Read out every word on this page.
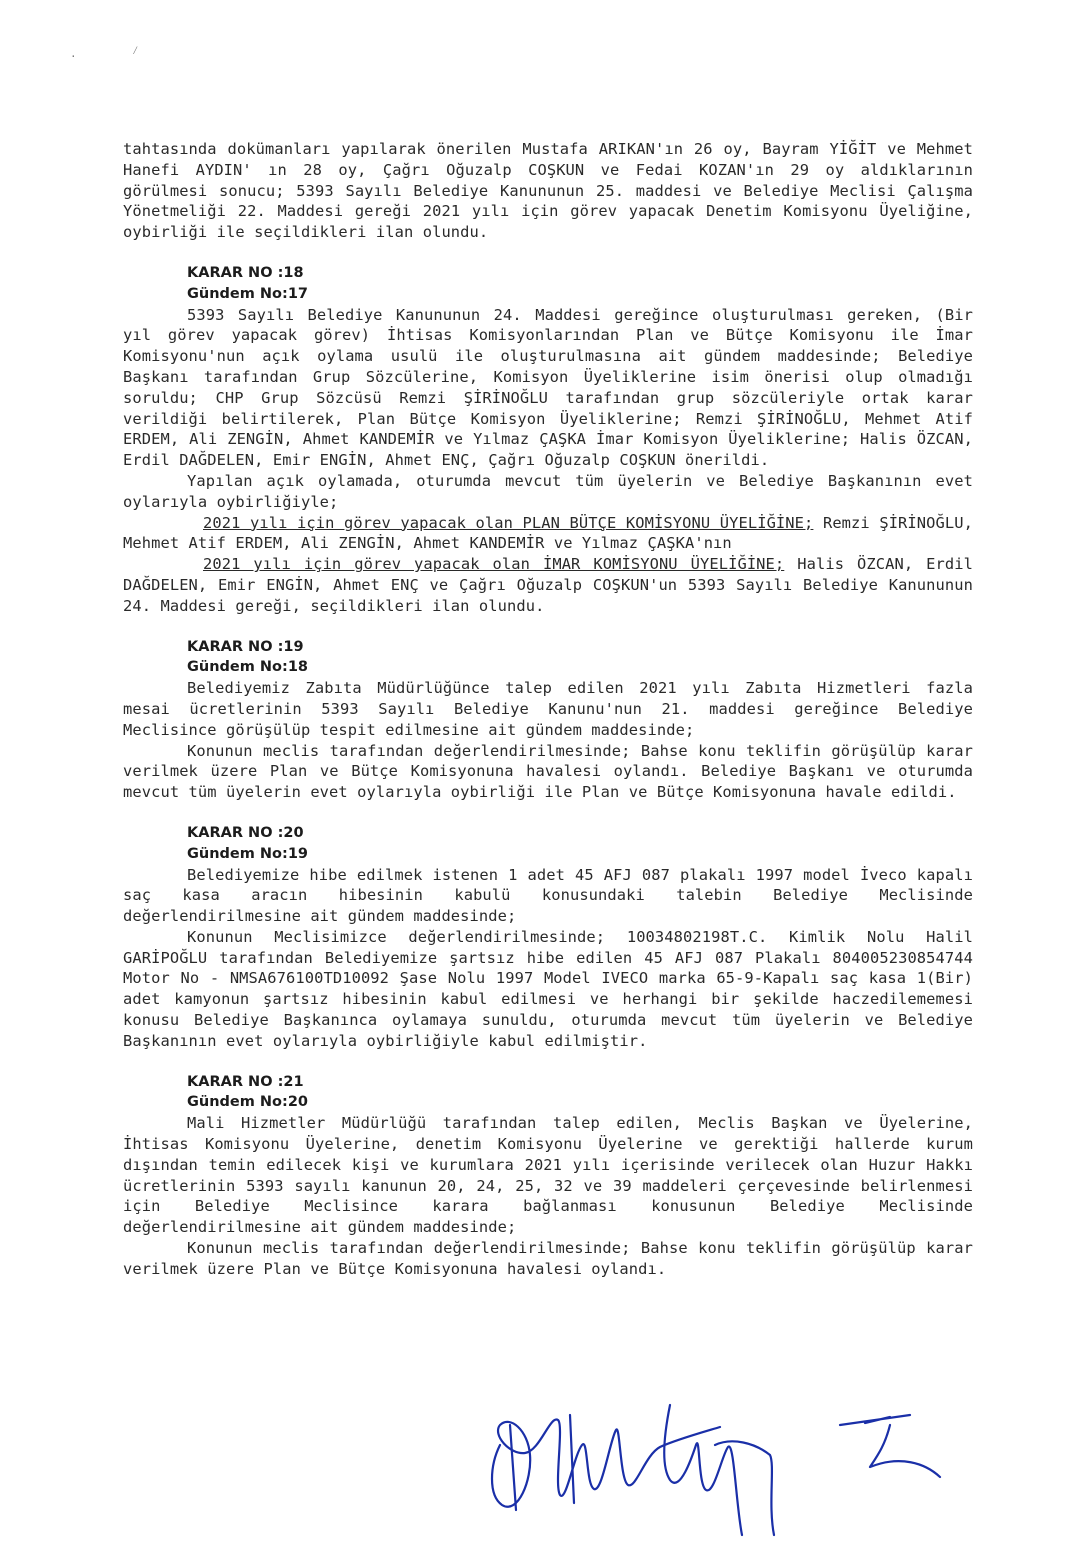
·	⁄

tahtasında dokümanları yapılarak önerilen Mustafa ARIKAN'ın 26 oy, Bayram YİĞİT ve Mehmet Hanefi AYDIN' ın 28 oy, Çağrı Oğuzalp COŞKUN ve Fedai KOZAN'ın 29 oy aldıklarının görülmesi sonucu; 5393 Sayılı Belediye Kanununun 25. maddesi ve Belediye Meclisi Çalışma Yönetmeliği 22. Maddesi gereği 2021 yılı için görev yapacak Denetim Komisyonu Üyeliğine, oybirliği ile seçildikleri ilan olundu.

KARAR NO :18
Gündem No:17

5393 Sayılı Belediye Kanununun 24. Maddesi gereğince oluşturulması gereken, (Bir yıl görev yapacak görev) İhtisas Komisyonlarından Plan ve Bütçe Komisyonu ile İmar Komisyonu'nun açık oylama usulü ile oluşturulmasına ait gündem maddesinde; Belediye Başkanı tarafından Grup Sözcülerine, Komisyon Üyeliklerine isim önerisi olup olmadığı soruldu; CHP Grup Sözcüsü Remzi ŞİRİNOĞLU tarafından grup sözcüleriyle ortak karar verildiği belirtilerek, Plan Bütçe Komisyon Üyeliklerine; Remzi ŞİRİNOĞLU, Mehmet Atif ERDEM, Ali ZENGİN, Ahmet KANDEMİR ve Yılmaz ÇAŞKA İmar Komisyon Üyeliklerine; Halis ÖZCAN, Erdil DAĞDELEN, Emir ENGİN, Ahmet ENÇ, Çağrı Oğuzalp COŞKUN önerildi.

Yapılan açık oylamada, oturumda mevcut tüm üyelerin ve Belediye Başkanının evet oylarıyla oybirliğiyle;

2021 yılı için görev yapacak olan PLAN BÜTÇE KOMİSYONU ÜYELİĞİNE; Remzi ŞİRİNOĞLU, Mehmet Atif ERDEM, Ali ZENGİN, Ahmet KANDEMİR ve Yılmaz ÇAŞKA'nın

2021 yılı için görev yapacak olan İMAR KOMİSYONU ÜYELİĞİNE; Halis ÖZCAN, Erdil DAĞDELEN, Emir ENGİN, Ahmet ENÇ ve Çağrı Oğuzalp COŞKUN'un 5393 Sayılı Belediye Kanununun 24. Maddesi gereği, seçildikleri ilan olundu.

KARAR NO :19
Gündem No:18

Belediyemiz Zabıta Müdürlüğünce talep edilen 2021 yılı Zabıta Hizmetleri fazla mesai ücretlerinin 5393 Sayılı Belediye Kanunu'nun 21. maddesi gereğince Belediye Meclisince görüşülüp tespit edilmesine ait gündem maddesinde;

Konunun meclis tarafından değerlendirilmesinde; Bahse konu teklifin görüşülüp karar verilmek üzere Plan ve Bütçe Komisyonuna havalesi oylandı. Belediye Başkanı ve oturumda mevcut tüm üyelerin evet oylarıyla oybirliği ile Plan ve Bütçe Komisyonuna havale edildi.

KARAR NO :20
Gündem No:19

Belediyemize hibe edilmek istenen 1 adet 45 AFJ 087 plakalı 1997 model İveco kapalı saç kasa aracın hibesinin kabulü konusundaki talebin Belediye Meclisinde değerlendirilmesine ait gündem maddesinde;

Konunun Meclisimizce değerlendirilmesinde; 10034802198T.C. Kimlik Nolu Halil GARİPOĞLU tarafından Belediyemize şartsız hibe edilen 45 AFJ 087 Plakalı 804005230854744 Motor No - NMSA676100TD10092 Şase Nolu 1997 Model IVECO marka 65-9-Kapalı saç kasa 1(Bir) adet kamyonun şartsız hibesinin kabul edilmesi ve herhangi bir şekilde haczedilememesi konusu Belediye Başkanınca oylamaya sunuldu, oturumda mevcut tüm üyelerin ve Belediye Başkanının evet oylarıyla oybirliğiyle kabul edilmiştir.

KARAR NO :21
Gündem No:20

Mali Hizmetler Müdürlüğü tarafından talep edilen, Meclis Başkan ve Üyelerine, İhtisas Komisyonu Üyelerine, denetim Komisyonu Üyelerine ve gerektiği hallerde kurum dışından temin edilecek kişi ve kurumlara 2021 yılı içerisinde verilecek olan Huzur Hakkı ücretlerinin 5393 sayılı kanunun 20, 24, 25, 32 ve 39 maddeleri çerçevesinde belirlenmesi için Belediye Meclisince karara bağlanması konusunun Belediye Meclisinde değerlendirilmesine ait gündem maddesinde;

Konunun meclis tarafından değerlendirilmesinde; Bahse konu teklifin görüşülüp karar verilmek üzere Plan ve Bütçe Komisyonuna havalesi oylandı.
